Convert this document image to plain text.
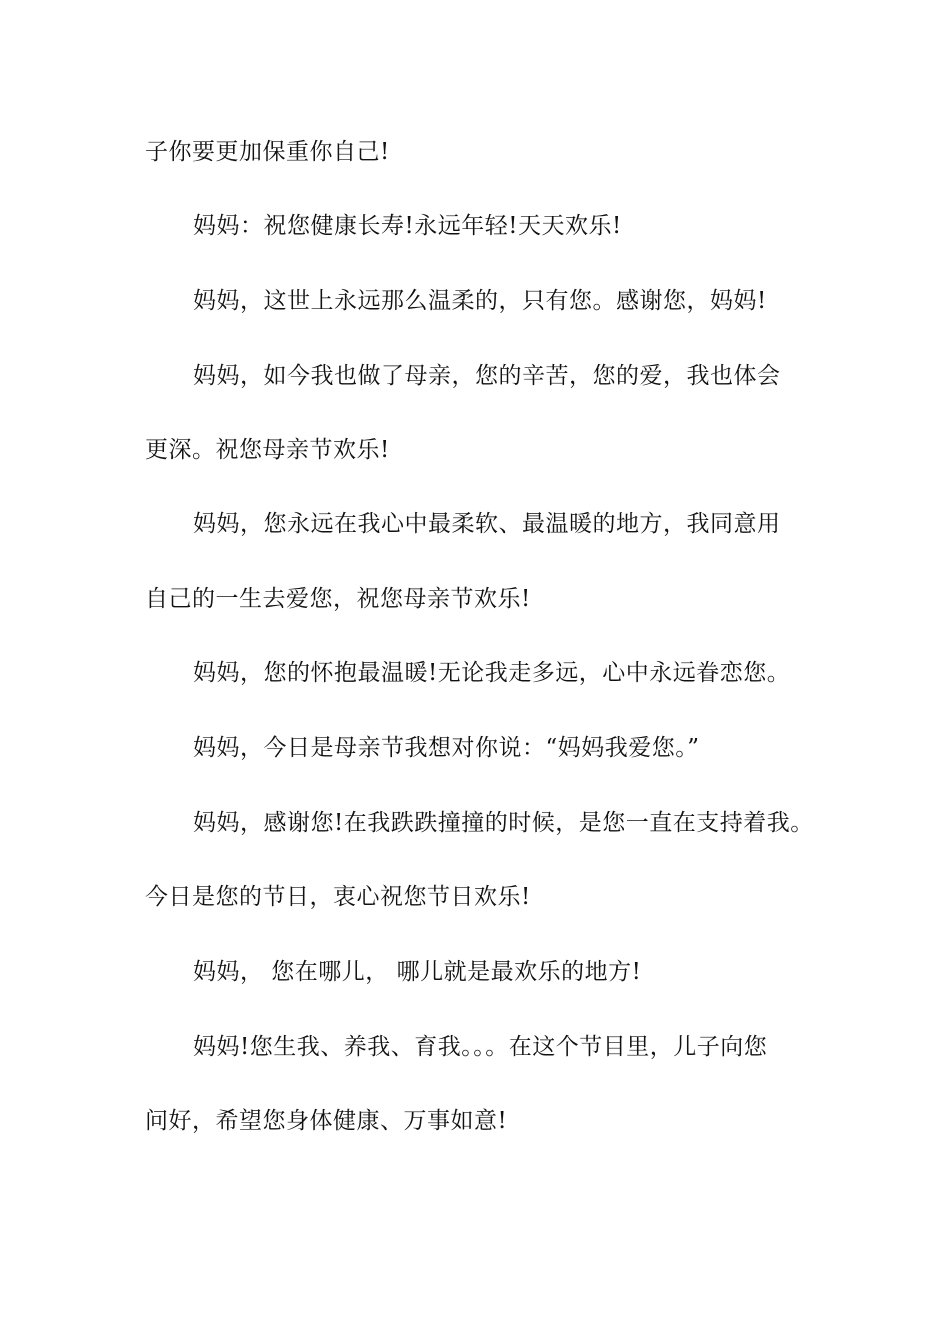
子你要更加保重你自己!
妈妈：祝您健康长寿!永远年轻!天天欢乐!
妈妈，这世上永远那么温柔的，只有您。感谢您，妈妈!
妈妈，如今我也做了母亲，您的辛苦，您的爱，我也体会
更深。祝您母亲节欢乐!
妈妈，您永远在我心中最柔软、最温暖的地方，我同意用
自己的一生去爱您，祝您母亲节欢乐!
妈妈，您的怀抱最温暖!无论我走多远，心中永远眷恋您。
妈妈，今日是母亲节我想对你说：“妈妈我爱您。”
妈妈，感谢您!在我跌跌撞撞的时候，是您一直在支持着我。
今日是您的节日，衷心祝您节日欢乐!
妈妈， 您在哪儿， 哪儿就是最欢乐的地方!
妈妈!您生我、养我、育我。。。在这个节目里，儿子向您
问好，希望您身体健康、万事如意!
